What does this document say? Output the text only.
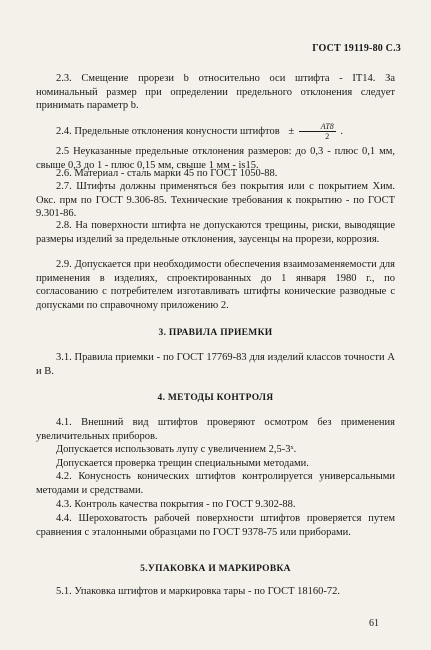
ГОСТ 19119-80 С.3
2.3. Смещение прорези b относительно оси штифта - IT14. За номинальный размер при определении предельного отклонения следует принимать параметр b.
2.4. Предельные отклонения конусности штифтов ± $\frac{AT8}{2}$ .
2.5 Неуказанные предельные отклонения размеров: до 0,3 - плюс 0,1 мм, свыше 0,3 до 1 - плюс 0,15 мм, свыше 1 мм - is15.
2.6. Материал - сталь марки 45 по ГОСТ 1050-88.
2.7. Штифты должны применяться без покрытия или с покрытием Хим. Окс. прм по ГОСТ 9.306-85. Технические требования к покрытию - по ГОСТ 9.301-86.
2.8. На поверхности штифта не допускаются трещины, риски, выводящие размеры изделий за предельные отклонения, заусенцы на прорези, коррозия.
2.9. Допускается при необходимости обеспечения взаимозаменяемости для применения в изделиях, спроектированных до 1 января 1980 г., по согласованию с потребителем изготавливать штифты конические разводные с допусками по справочному приложению 2.
3. ПРАВИЛА ПРИЕМКИ
3.1. Правила приемки - по ГОСТ 17769-83 для изделий классов точности А и В.
4. МЕТОДЫ КОНТРОЛЯ
4.1. Внешний вид штифтов проверяют осмотром без применения увеличительных приборов.
Допускается использовать лупу с увеличением 2,5-3ˣ.
Допускается проверка трещин специальными методами.
4.2. Конусность конических штифтов контролируется универсальными методами и средствами.
4.3. Контроль качества покрытия - по ГОСТ 9.302-88.
4.4. Шероховатость рабочей поверхности штифтов проверяется путем сравнения с эталонными образцами по ГОСТ 9378-75 или приборами.
5.УПАКОВКА И МАРКИРОВКА
5.1. Упаковка штифтов и маркировка тары - по ГОСТ 18160-72.
61
